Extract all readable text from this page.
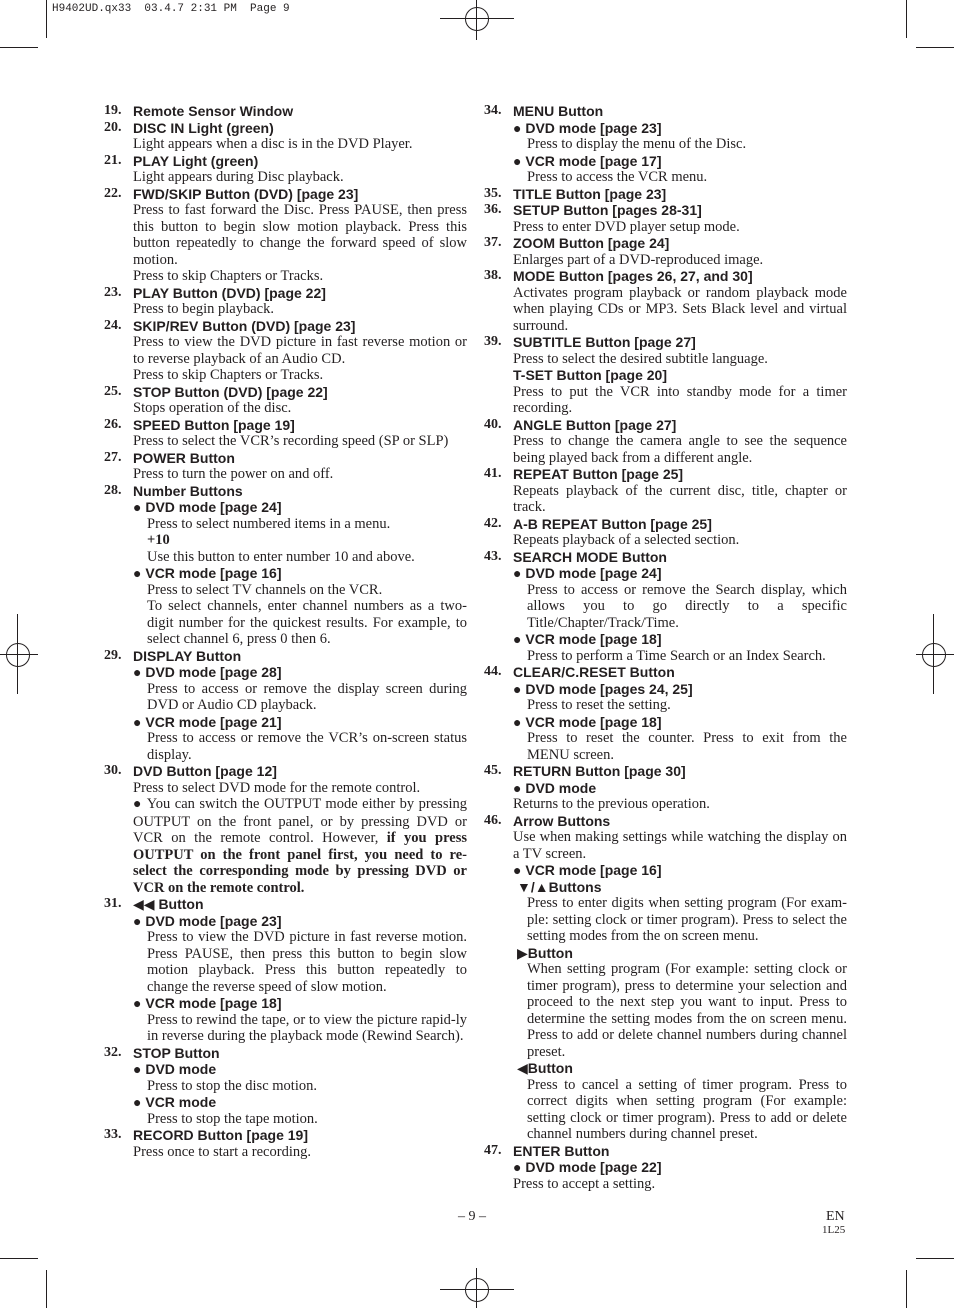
H9402UD.qx33  03.4.7 2:31 PM  Page 9
19. Remote Sensor Window
20. DISC IN Light (green)
Light appears when a disc is in the DVD Player.
21. PLAY Light (green)
Light appears during Disc playback.
22. FWD/SKIP Button (DVD) [page 23]
Press to fast forward the Disc. Press PAUSE, then press this button to begin slow motion playback. Press this button repeatedly to change the forward speed of slow motion.
Press to skip Chapters or Tracks.
23. PLAY Button (DVD) [page 22]
Press to begin playback.
24. SKIP/REV Button (DVD) [page 23]
Press to view the DVD picture in fast reverse motion or to reverse playback of an Audio CD.
Press to skip Chapters or Tracks.
25. STOP Button (DVD) [page 22]
Stops operation of the disc.
26. SPEED Button [page 19]
Press to select the VCR’s recording speed (SP or SLP)
27. POWER Button
Press to turn the power on and off.
28. Number Buttons
● DVD mode [page 24]
Press to select numbered items in a menu.
+10
Use this button to enter number 10 and above.
● VCR mode [page 16]
Press to select TV channels on the VCR.
To select channels, enter channel numbers as a two-digit number for the quickest results. For example, to select channel 6, press 0 then 6.
29. DISPLAY Button
● DVD mode [page 28]
Press to access or remove the display screen during DVD or Audio CD playback.
● VCR mode [page 21]
Press to access or remove the VCR’s on-screen status display.
30. DVD Button [page 12]
Press to select DVD mode for the remote control.
● You can switch the OUTPUT mode either by pressing OUTPUT on the front panel, or by pressing DVD or VCR on the remote control. However, if you press OUTPUT on the front panel first, you need to re-select the corresponding mode by pressing DVD or VCR on the remote control.
31. ◀◀ Button
● DVD mode [page 23]
Press to view the DVD picture in fast reverse motion. Press PAUSE, then press this button to begin slow motion playback. Press this button repeatedly to change the reverse speed of slow motion.
● VCR mode [page 18]
Press to rewind the tape, or to view the picture rapid-ly in reverse during the playback mode (Rewind Search).
32. STOP Button
● DVD mode
Press to stop the disc motion.
● VCR mode
Press to stop the tape motion.
33. RECORD Button [page 19]
Press once to start a recording.
34. MENU Button
● DVD mode [page 23]
Press to display the menu of the Disc.
● VCR mode [page 17]
Press to access the VCR menu.
35. TITLE Button [page 23]
36. SETUP Button [pages 28-31]
Press to enter DVD player setup mode.
37. ZOOM Button [page 24]
Enlarges part of a DVD-reproduced image.
38. MODE Button [pages 26, 27, and 30]
Activates program playback or random playback mode when playing CDs or MP3. Sets Black level and virtual surround.
39. SUBTITLE Button [page 27]
Press to select the desired subtitle language.
T-SET Button [page 20]
Press to put the VCR into standby mode for a timer recording.
40. ANGLE Button [page 27]
Press to change the camera angle to see the sequence being played back from a different angle.
41. REPEAT Button [page 25]
Repeats playback of the current disc, title, chapter or track.
42. A-B REPEAT Button [page 25]
Repeats playback of a selected section.
43. SEARCH MODE Button
● DVD mode [page 24]
Press to access or remove the Search display, which allows you to go directly to a specific Title/Chapter/Track/Time.
● VCR mode [page 18]
Press to perform a Time Search or an Index Search.
44. CLEAR/C.RESET Button
● DVD mode [pages 24, 25]
Press to reset the setting.
● VCR mode [page 18]
Press to reset the counter. Press to exit from the MENU screen.
45. RETURN Button [page 30]
● DVD mode
Returns to the previous operation.
46. Arrow Buttons
Use when making settings while watching the display on a TV screen.
● VCR mode [page 16]
▼/▲Buttons
Press to enter digits when setting program (For exam-ple: setting clock or timer program). Press to select the setting modes from the on screen menu.
▶Button
When setting program (For example: setting clock or timer program), press to determine your selection and proceed to the next step you want to input. Press to determine the setting modes from the on screen menu. Press to add or delete channel numbers during channel preset.
◀Button
Press to cancel a setting of timer program. Press to correct digits when setting program (For example: setting clock or timer program). Press to add or delete channel numbers during channel preset.
47. ENTER Button
● DVD mode [page 22]
Press to accept a setting.
– 9 –	EN
1L25
